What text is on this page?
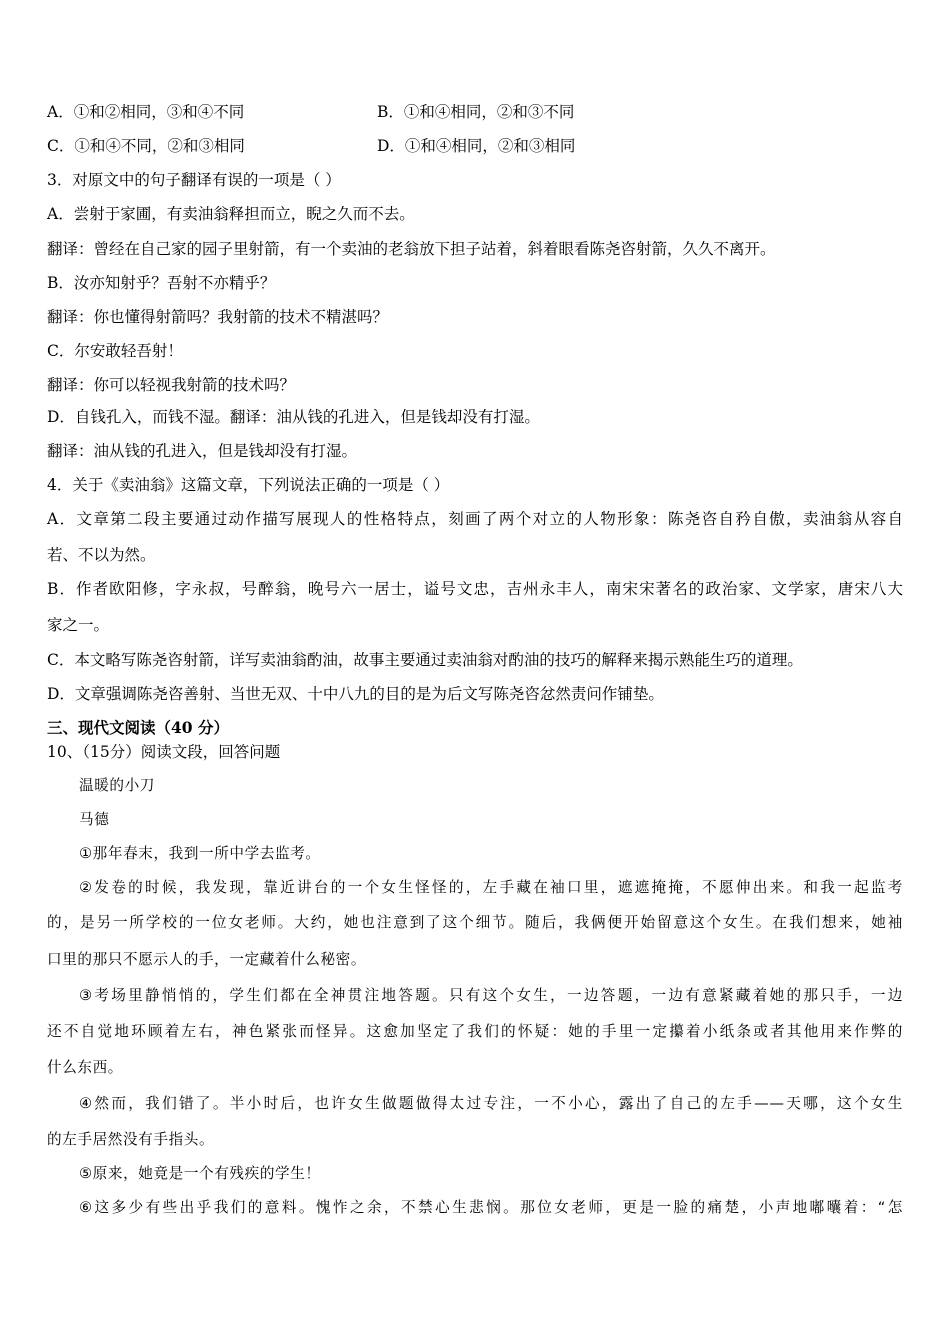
A．①和②相同，③和④不同	B．①和④相同，②和③不同
C．①和④不同，②和③相同	D．①和④相同，②和③相同
3．对原文中的句子翻译有误的一项是（ ）
A．尝射于家圃，有卖油翁释担而立，睨之久而不去。
翻译：曾经在自己家的园子里射箭，有一个卖油的老翁放下担子站着，斜着眼看陈尧咨射箭，久久不离开。
B．汝亦知射乎？吾射不亦精乎？
翻译：你也懂得射箭吗？我射箭的技术不精湛吗？
C．尔安敢轻吾射！
翻译：你可以轻视我射箭的技术吗？
D．自钱孔入，而钱不湿。翻译：油从钱的孔进入，但是钱却没有打湿。
翻译：油从钱的孔进入，但是钱却没有打湿。
4．关于《卖油翁》这篇文章，下列说法正确的一项是（ ）
A．文章第二段主要通过动作描写展现人的性格特点，刻画了两个对立的人物形象：陈尧咨自矜自傲，卖油翁从容自
若、不以为然。
B．作者欧阳修，字永叔，号醉翁，晚号六一居士，谥号文忠，吉州永丰人，南宋宋著名的政治家、文学家，唐宋八大
家之一。
C．本文略写陈尧咨射箭，详写卖油翁酌油，故事主要通过卖油翁对酌油的技巧的解释来揭示熟能生巧的道理。
D．文章强调陈尧咨善射、当世无双、十中八九的目的是为后文写陈尧咨忿然责问作铺垫。
三、现代文阅读（40 分）
10、（15分）阅读文段，回答问题
温暖的小刀
马德
①那年春末，我到一所中学去监考。
②发卷的时候，我发现，靠近讲台的一个女生怪怪的，左手藏在袖口里，遮遮掩掩，不愿伸出来。和我一起监考
的，是另一所学校的一位女老师。大约，她也注意到了这个细节。随后，我俩便开始留意这个女生。在我们想来，她袖
口里的那只不愿示人的手，一定藏着什么秘密。
③考场里静悄悄的，学生们都在全神贯注地答题。只有这个女生，一边答题，一边有意紧藏着她的那只手，一边
还不自觉地环顾着左右，神色紧张而怪异。这愈加坚定了我们的怀疑：她的手里一定攥着小纸条或者其他用来作弊的
什么东西。
④然而，我们错了。半小时后，也许女生做题做得太过专注，一不小心，露出了自己的左手——天哪，这个女生
的左手居然没有手指头。
⑤原来，她竟是一个有残疾的学生！
⑥这多少有些出乎我们的意料。愧怍之余，不禁心生悲悯。那位女老师，更是一脸的痛楚，小声地嘟囔着：“怎
